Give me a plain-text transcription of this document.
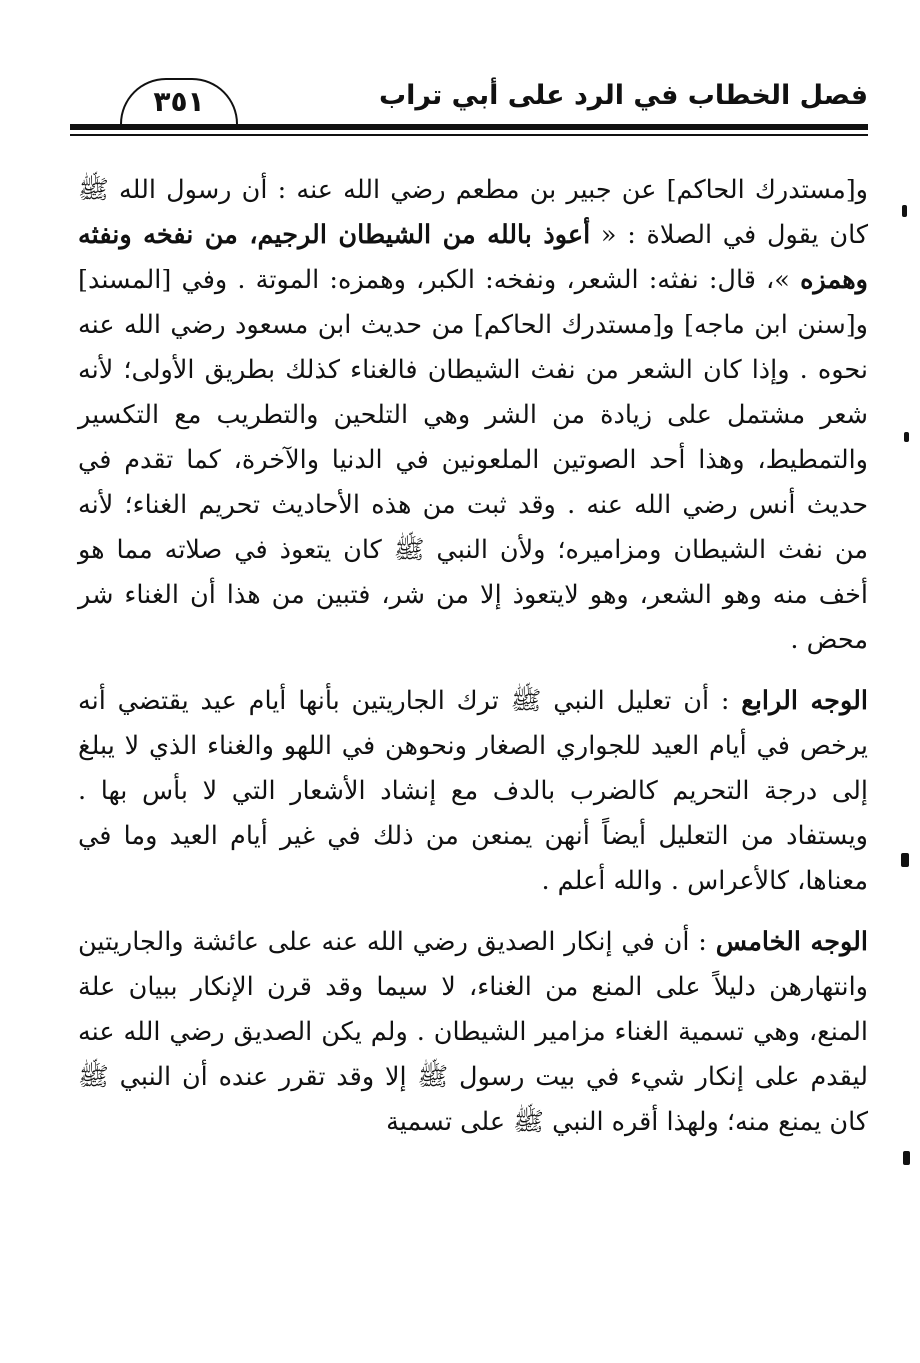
فصل الخطاب في الرد على أبي تراب
٣٥١

و[مستدرك الحاكم] عن جبير بن مطعم رضي الله عنه : أن رسول الله ﷺ كان يقول في الصلاة : « أعوذ بالله من الشيطان الرجيم، من نفخه ونفثه وهمزه »، قال: نفثه: الشعر، ونفخه: الكبر، وهمزه: الموتة . وفي [المسند] و[سنن ابن ماجه] و[مستدرك الحاكم] من حديث ابن مسعود رضي الله عنه نحوه . وإذا كان الشعر من نفث الشيطان فالغناء كذلك بطريق الأولى؛ لأنه شعر مشتمل على زيادة من الشر وهي التلحين والتطريب مع التكسير والتمطيط، وهذا أحد الصوتين الملعونين في الدنيا والآخرة، كما تقدم في حديث أنس رضي الله عنه . وقد ثبت من هذه الأحاديث تحريم الغناء؛ لأنه من نفث الشيطان ومزاميره؛ ولأن النبي ﷺ كان يتعوذ في صلاته مما هو أخف منه وهو الشعر، وهو لايتعوذ إلا من شر، فتبين من هذا أن الغناء شر محض .

الوجه الرابع : أن تعليل النبي ﷺ ترك الجاريتين بأنها أيام عيد يقتضي أنه يرخص في أيام العيد للجواري الصغار ونحوهن في اللهو والغناء الذي لا يبلغ إلى درجة التحريم كالضرب بالدف مع إنشاد الأشعار التي لا بأس بها . ويستفاد من التعليل أيضاً أنهن يمنعن من ذلك في غير أيام العيد وما في معناها، كالأعراس . والله أعلم .

الوجه الخامس : أن في إنكار الصديق رضي الله عنه على عائشة والجاريتين وانتهارهن دليلاً على المنع من الغناء، لا سيما وقد قرن الإنكار ببيان علة المنع، وهي تسمية الغناء مزامير الشيطان . ولم يكن الصديق رضي الله عنه ليقدم على إنكار شيء في بيت رسول ﷺ إلا وقد تقرر عنده أن النبي ﷺ كان يمنع منه؛ ولهذا أقره النبي ﷺ على تسمية
